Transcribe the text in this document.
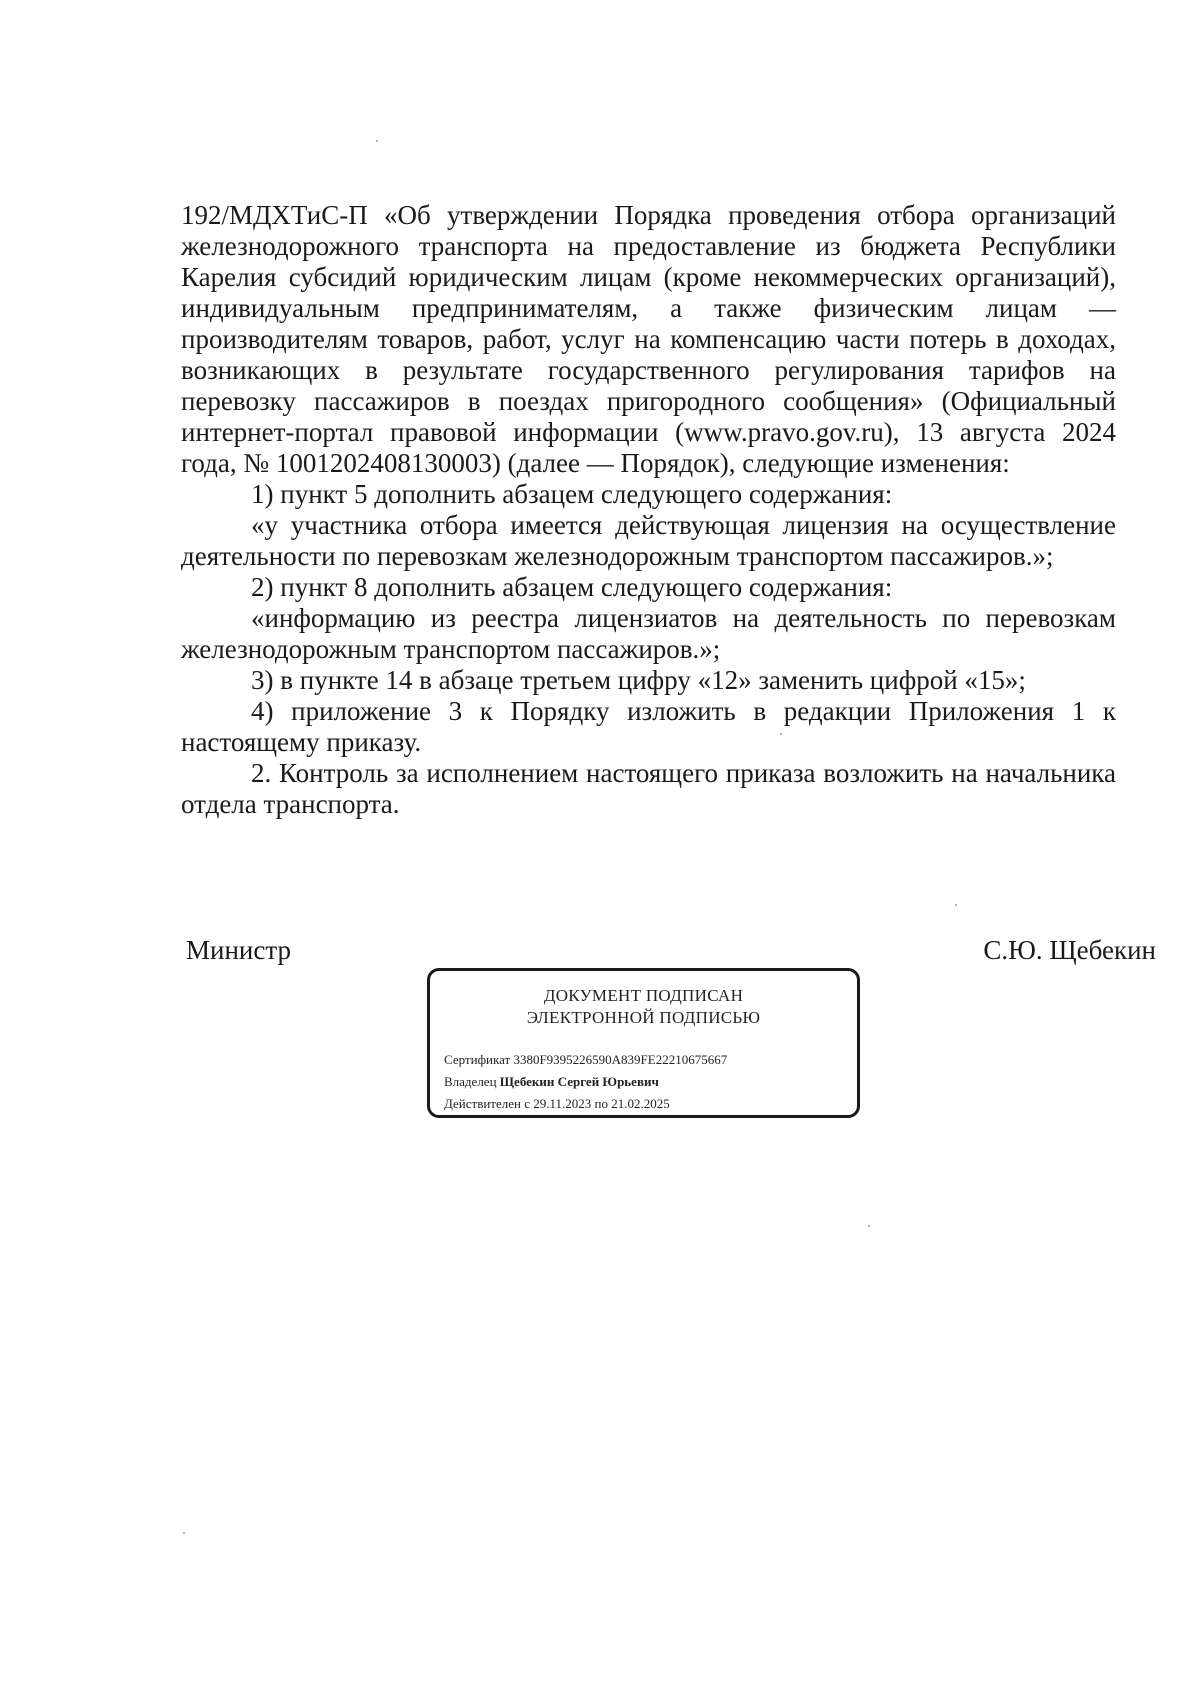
192/МДХТиС-П «Об утверждении Порядка проведения отбора организаций железнодорожного транспорта на предоставление из бюджета Республики Карелия субсидий юридическим лицам (кроме некоммерческих организаций), индивидуальным предпринимателям, а также физическим лицам — производителям товаров, работ, услуг на компенсацию части потерь в доходах, возникающих в результате государственного регулирования тарифов на перевозку пассажиров в поездах пригородного сообщения» (Официальный интернет-портал правовой информации (www.pravo.gov.ru), 13 августа 2024 года, № 1001202408130003) (далее — Порядок), следующие изменения:

1) пункт 5 дополнить абзацем следующего содержания:

«у участника отбора имеется действующая лицензия на осуществление деятельности по перевозкам железнодорожным транспортом пассажиров.»;

2) пункт 8 дополнить абзацем следующего содержания:

«информацию из реестра лицензиатов на деятельность по перевозкам железнодорожным транспортом пассажиров.»;

3) в пункте 14 в абзаце третьем цифру «12» заменить цифрой «15»;

4) приложение 3 к Порядку изложить в редакции Приложения 1 к настоящему приказу.

2. Контроль за исполнением настоящего приказа возложить на начальника отдела транспорта.

Министр	С.Ю. Щебекин
ДОКУМЕНТ ПОДПИСАН
ЭЛЕКТРОННОЙ ПОДПИСЬЮ
Сертификат 3380F9395226590A839FE22210675667
Владелец Щебекин Сергей Юрьевич
Действителен с 29.11.2023 по 21.02.2025
